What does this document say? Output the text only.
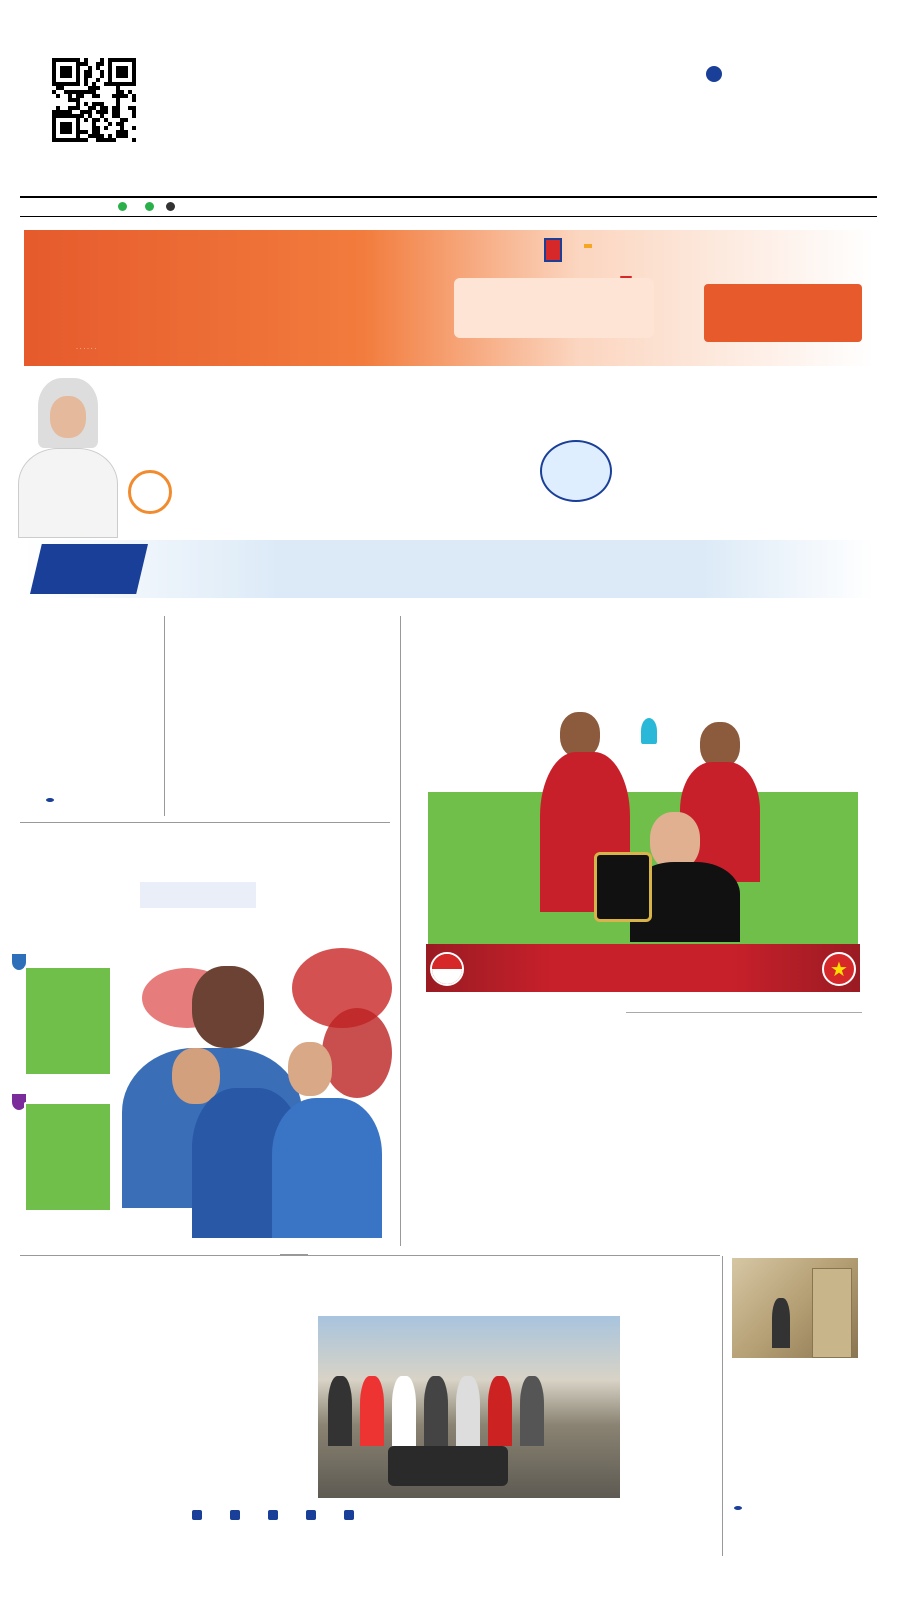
· · · · · ·
★
